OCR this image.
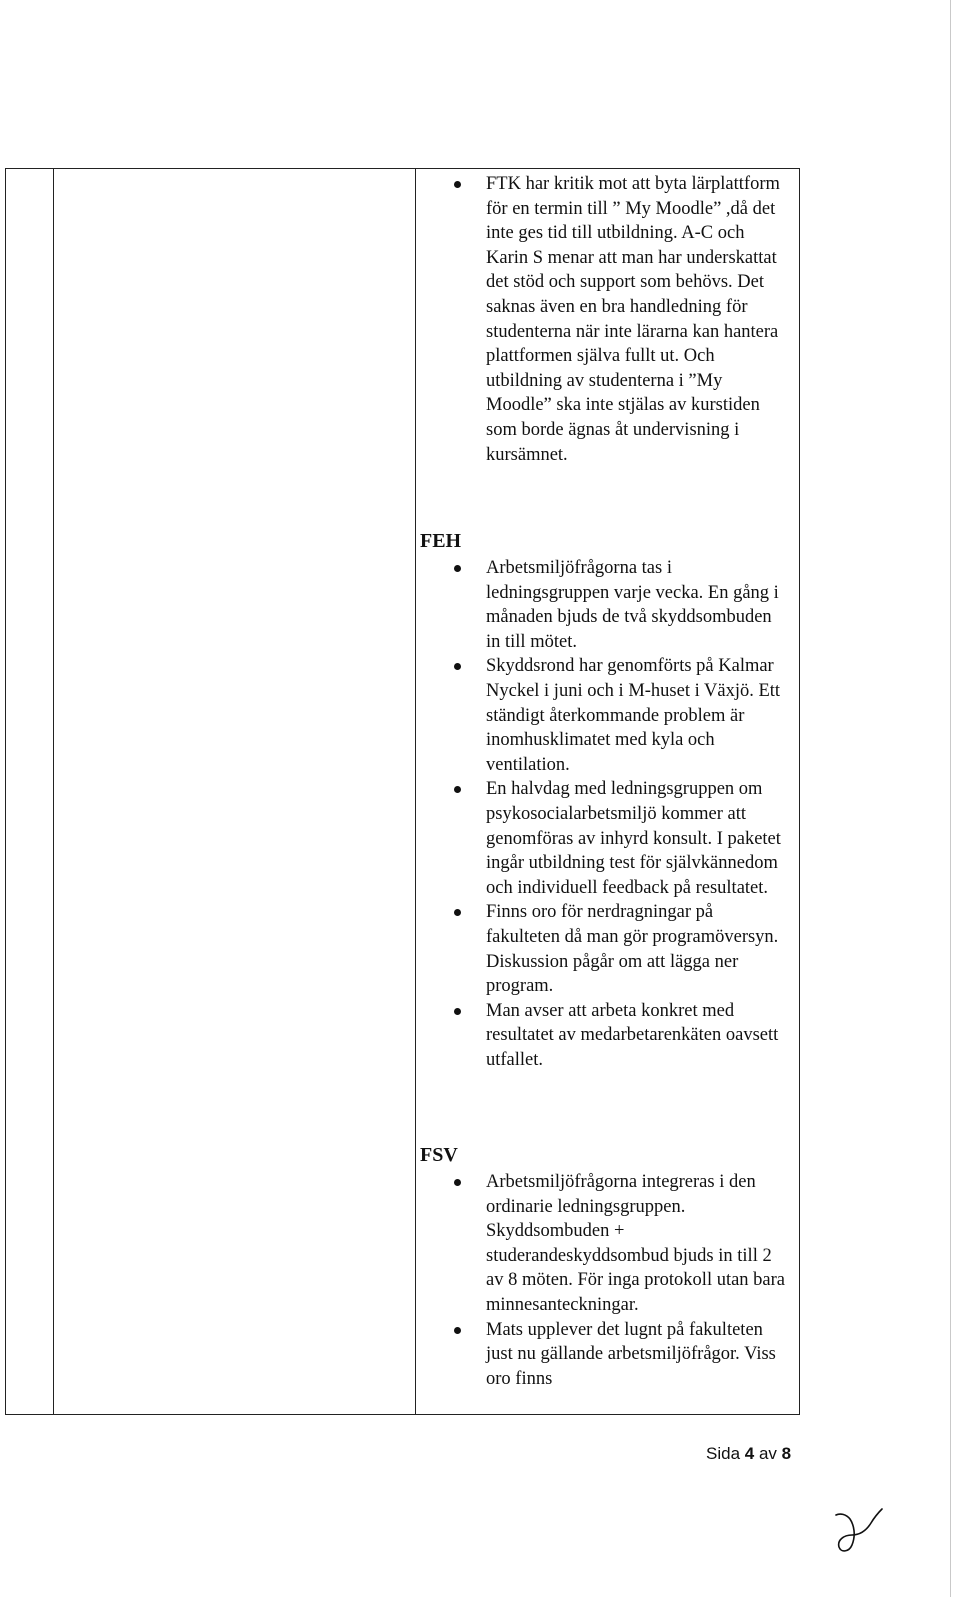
FTK har kritik mot att byta lärplattform för en termin till ” My Moodle” ,då det inte ges tid till utbildning. A-C och Karin S menar att man har underskattat det stöd och support som behövs. Det saknas även en bra handledning för studenterna när inte lärarna kan hantera plattformen själva fullt ut. Och utbildning av studenterna i ”My Moodle” ska inte stjälas av kurstiden som borde ägnas åt undervisning i kursämnet.
FEH
Arbetsmiljöfrågorna tas i ledningsgruppen varje vecka. En gång i månaden bjuds de två skyddsombuden in till mötet.
Skyddsrond har genomförts på Kalmar Nyckel i juni och i M-huset i Växjö. Ett ständigt återkommande problem är inomhusklimatet med kyla och ventilation.
En halvdag med ledningsgruppen om psykosocialarbetsmiljö kommer att genomföras av inhyrd konsult. I paketet ingår utbildning test för självkännedom och individuell feedback på resultatet.
Finns oro för nerdragningar på fakulteten då man gör programöversyn. Diskussion pågår om att lägga ner program.
Man avser att arbeta konkret med resultatet av medarbetarenkäten oavsett utfallet.
FSV
Arbetsmiljöfrågorna integreras i den ordinarie ledningsgruppen. Skyddsombuden + studerandeskyddsombud bjuds in till 2 av 8 möten. För inga protokoll utan bara minnesanteckningar.
Mats upplever det lugnt på fakulteten just nu gällande arbetsmiljöfrågor. Viss oro finns
Sida 4 av 8
